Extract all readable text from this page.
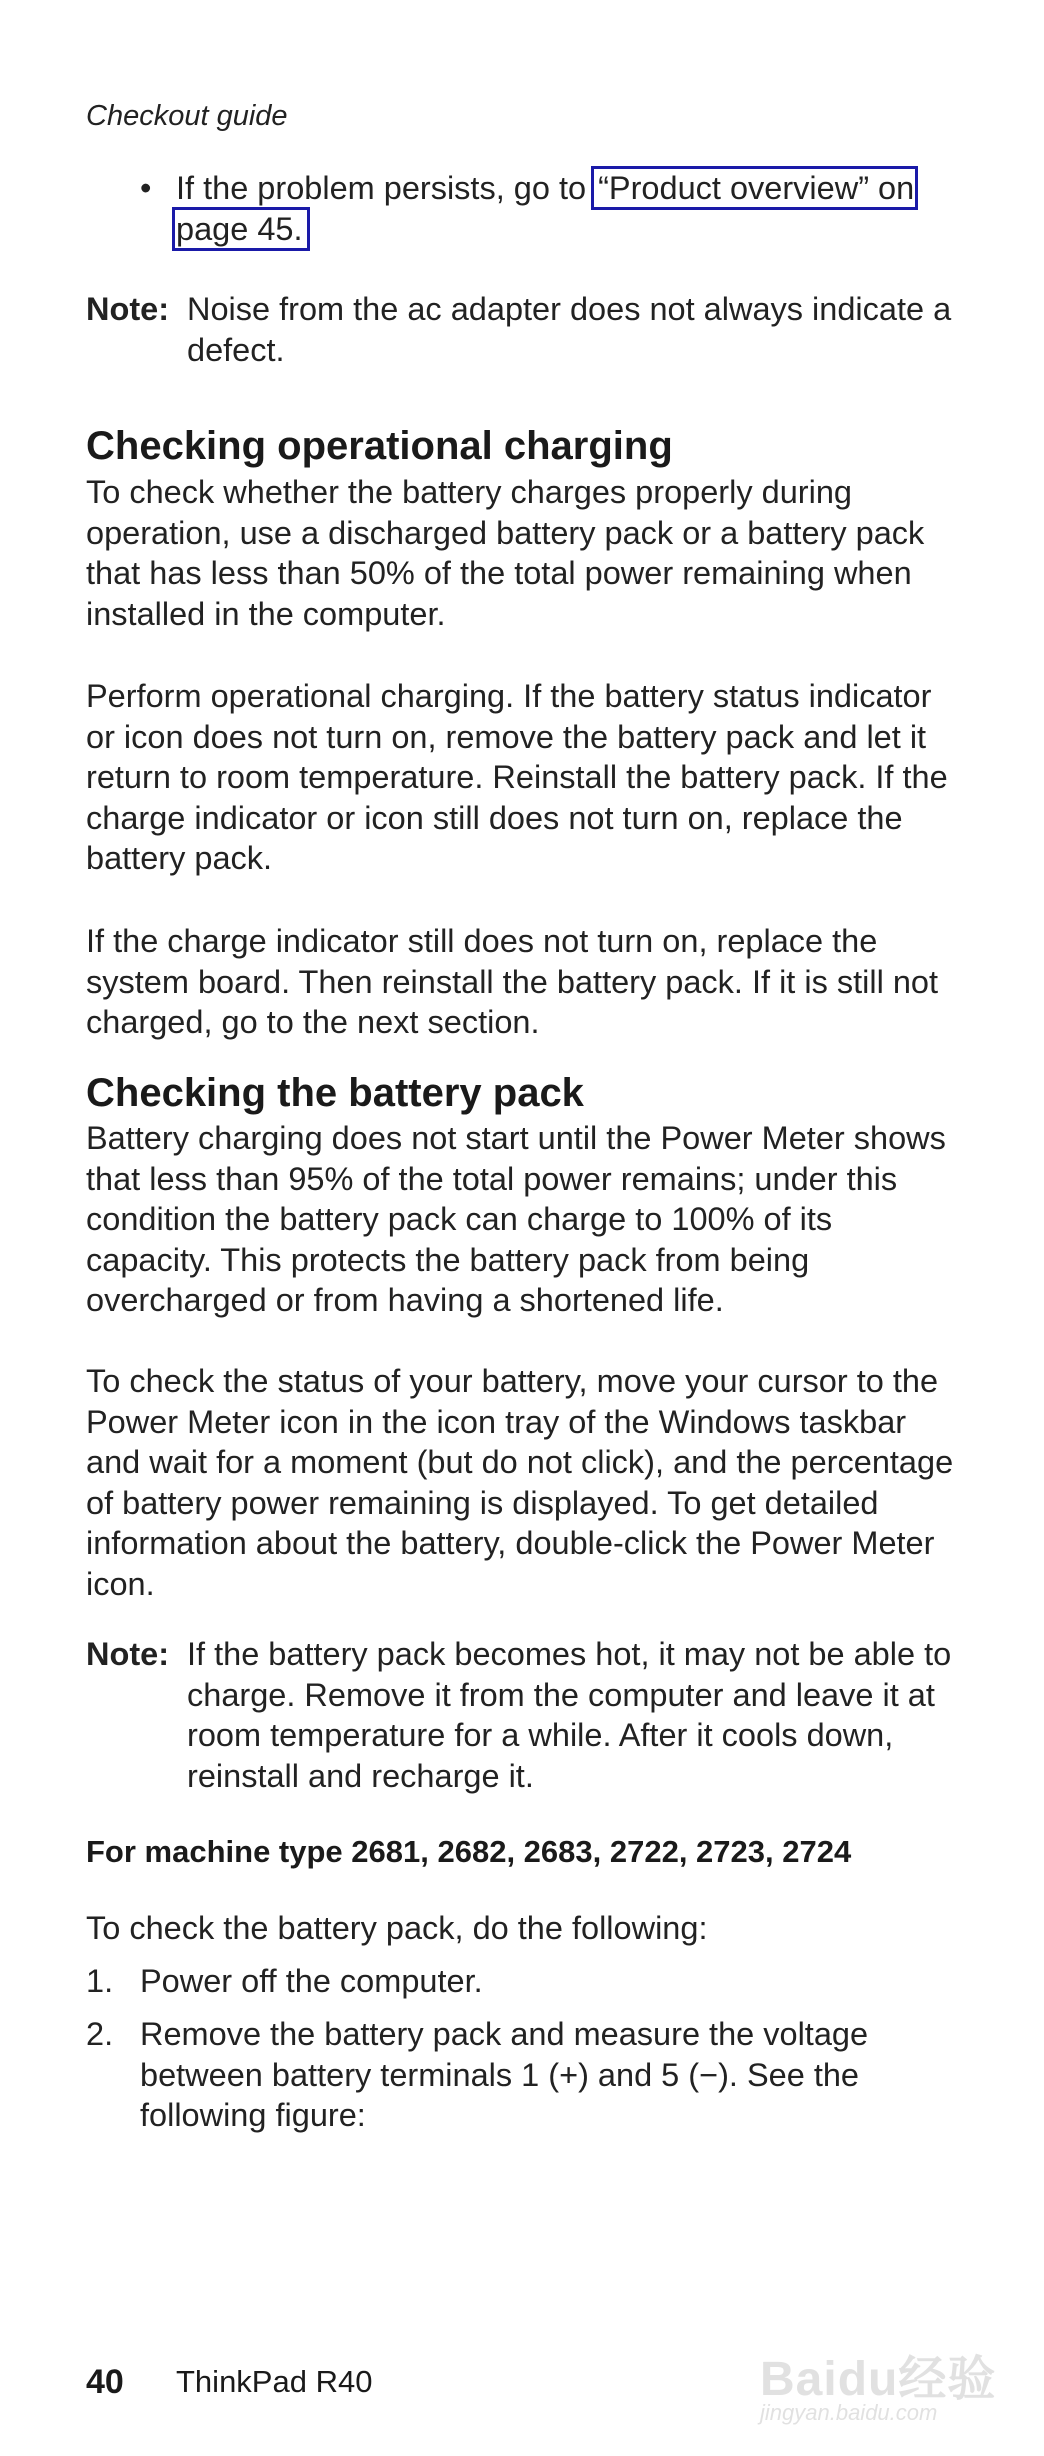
Checkout guide
• If the problem persists, go to “Product overview” on page 45.
Note: Noise from the ac adapter does not always indicate a defect.
Checking operational charging
To check whether the battery charges properly during operation, use a discharged battery pack or a battery pack that has less than 50% of the total power remaining when installed in the computer.
Perform operational charging. If the battery status indicator or icon does not turn on, remove the battery pack and let it return to room temperature. Reinstall the battery pack. If the charge indicator or icon still does not turn on, replace the battery pack.
If the charge indicator still does not turn on, replace the system board. Then reinstall the battery pack. If it is still not charged, go to the next section.
Checking the battery pack
Battery charging does not start until the Power Meter shows that less than 95% of the total power remains; under this condition the battery pack can charge to 100% of its capacity. This protects the battery pack from being overcharged or from having a shortened life.
To check the status of your battery, move your cursor to the Power Meter icon in the icon tray of the Windows taskbar and wait for a moment (but do not click), and the percentage of battery power remaining is displayed. To get detailed information about the battery, double-click the Power Meter icon.
Note: If the battery pack becomes hot, it may not be able to charge. Remove it from the computer and leave it at room temperature for a while. After it cools down, reinstall and recharge it.
For machine type 2681, 2682, 2683, 2722, 2723, 2724
To check the battery pack, do the following:
1. Power off the computer.
2. Remove the battery pack and measure the voltage between battery terminals 1 (+) and 5 (−). See the following figure:
40 ThinkPad R40	Baidu经验
jingyan.baidu.com
